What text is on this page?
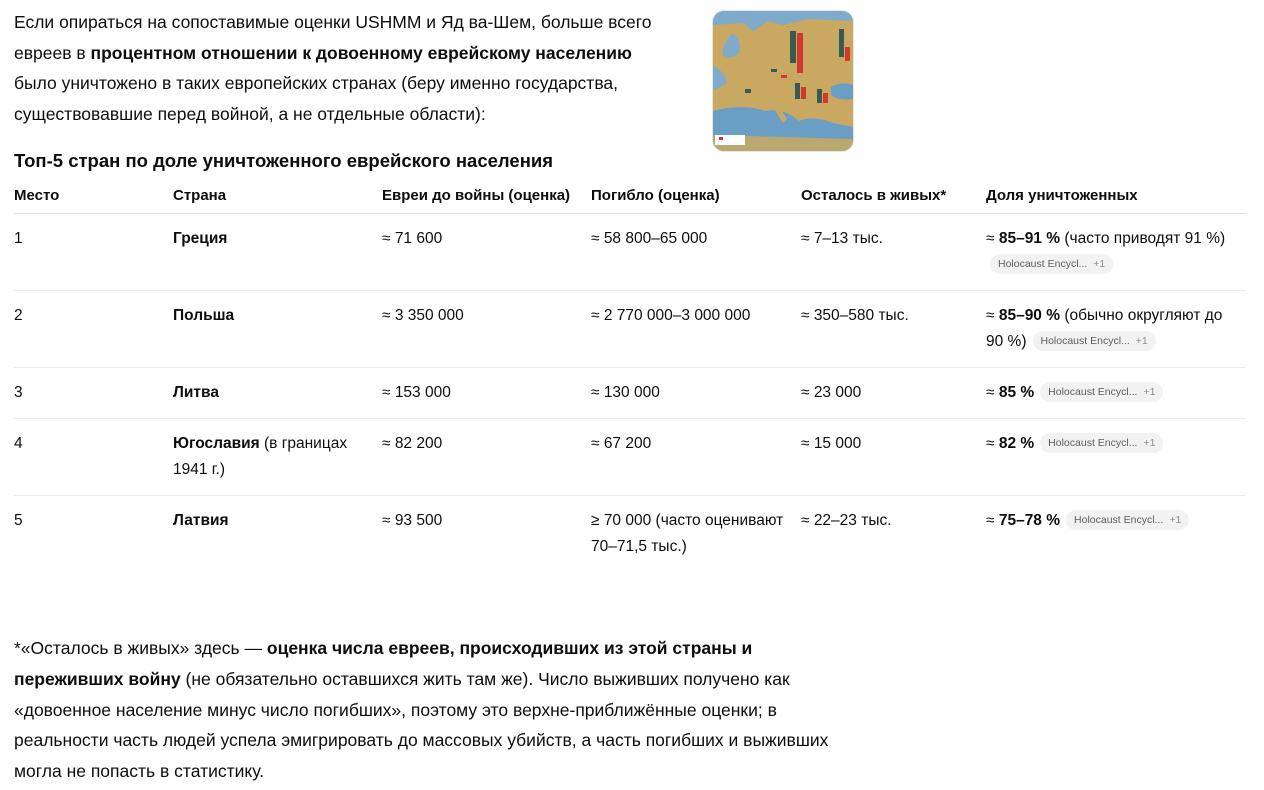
Если опираться на сопоставимые оценки USHMM и Яд ва-Шем, больше всего евреев в процентном отношении к довоенному еврейскому населению было уничтожено в таких европейских странах (беру именно государства, существовавшие перед войной, а не отдельные области):

Топ-5 стран по доле уничтоженного еврейского населения
Место	Страна	Евреи до войны (оценка)	Погибло (оценка)	Осталось в живых*	Доля уничтоженных
1	Греция	≈ 71 600	≈ 58 800–65 000	≈ 7–13 тыс.	≈ 85–91 % (часто приводят 91 %)
Holocaust Encycl... +1
2	Польша	≈ 3 350 000	≈ 2 770 000–3 000 000	≈ 350–580 тыс.	≈ 85–90 % (обычно округляют до 90 %) Holocaust Encycl... +1
3	Литва	≈ 153 000	≈ 130 000	≈ 23 000	≈ 85 % Holocaust Encycl... +1
4	Югославия (в границах 1941 г.)	≈ 82 200	≈ 67 200	≈ 15 000	≈ 82 % Holocaust Encycl... +1
5	Латвия	≈ 93 500	≥ 70 000 (часто оценивают 70–71,5 тыс.)	≈ 22–23 тыс.	≈ 75–78 % Holocaust Encycl... +1

*«Осталось в живых» здесь — оценка числа евреев, происходивших из этой страны и переживших войну (не обязательно оставшихся жить там же). Число выживших получено как «довоенное население минус число погибших», поэтому это верхне-приближённые оценки; в реальности часть людей успела эмигрировать до массовых убийств, а часть погибших и выживших могла не попасть в статистику.
